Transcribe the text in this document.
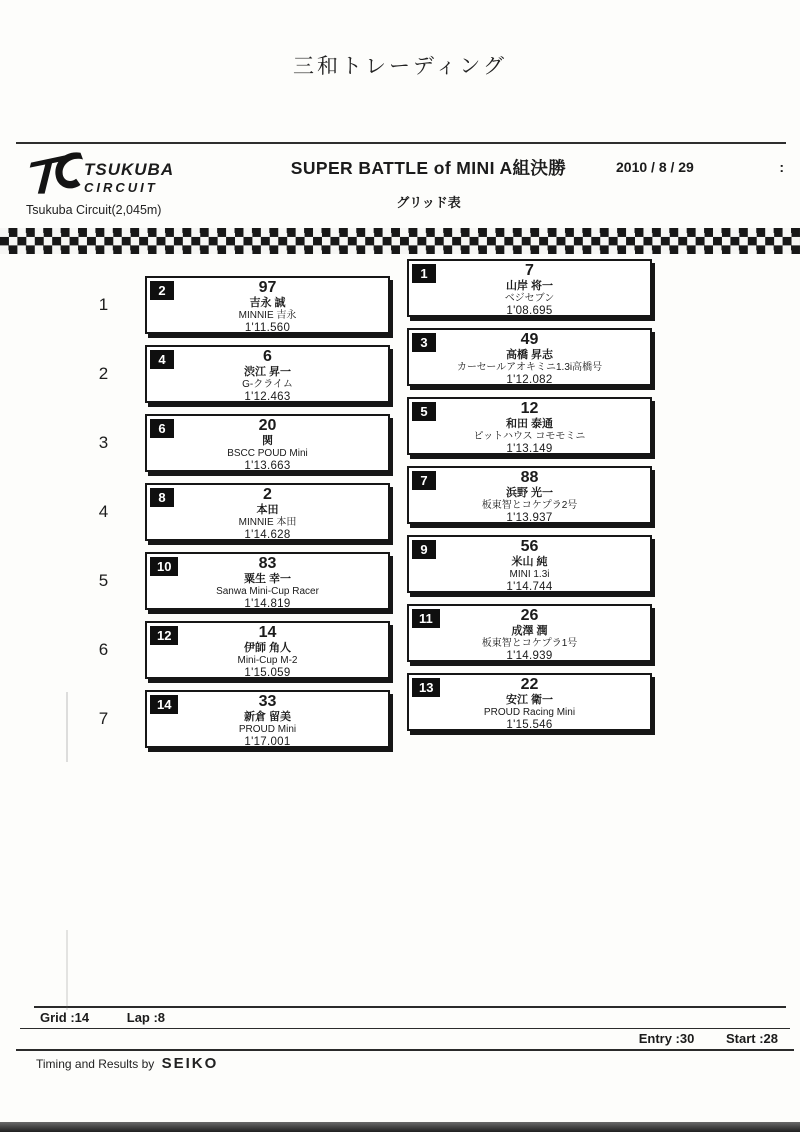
三和トレーディング
TSUKUBA
CIRCUIT
Tsukuba Circuit(2,045m)
SUPER BATTLE of MINI A組決勝
グリッド表
2010 / 8 / 29	:
1
2	97
吉永 誠
MINNIE 吉永
1'11.560
2
4	6
渋江 昇一
G-クライム
1'12.463
3
6	20
関
BSCC POUD Mini
1'13.663
4
8	2
本田
MINNIE 本田
1'14.628
5
10	83
粟生 幸一
Sanwa Mini-Cup Racer
1'14.819
6
12	14
伊師 角人
Mini-Cup M-2
1'15.059
7
14	33
新倉 留美
PROUD Mini
1'17.001
1	7
山岸 将一
ベジセブン
1'08.695
3	49
高橋 昇志
カーセールアオキミニ1.3i高橋号
1'12.082
5	12
和田 泰通
ピットハウス コモモミニ
1'13.149
7	88
浜野 光一
板東智とコケプラ2号
1'13.937
9	56
米山 純
MINI 1.3i
1'14.744
11	26
成澤 潤
板東智とコケプラ1号
1'14.939
13	22
安江 衛一
PROUD Racing Mini
1'15.546
Grid :14	Lap :8
Entry :30 Start :28
Timing and Results by SEIKO
